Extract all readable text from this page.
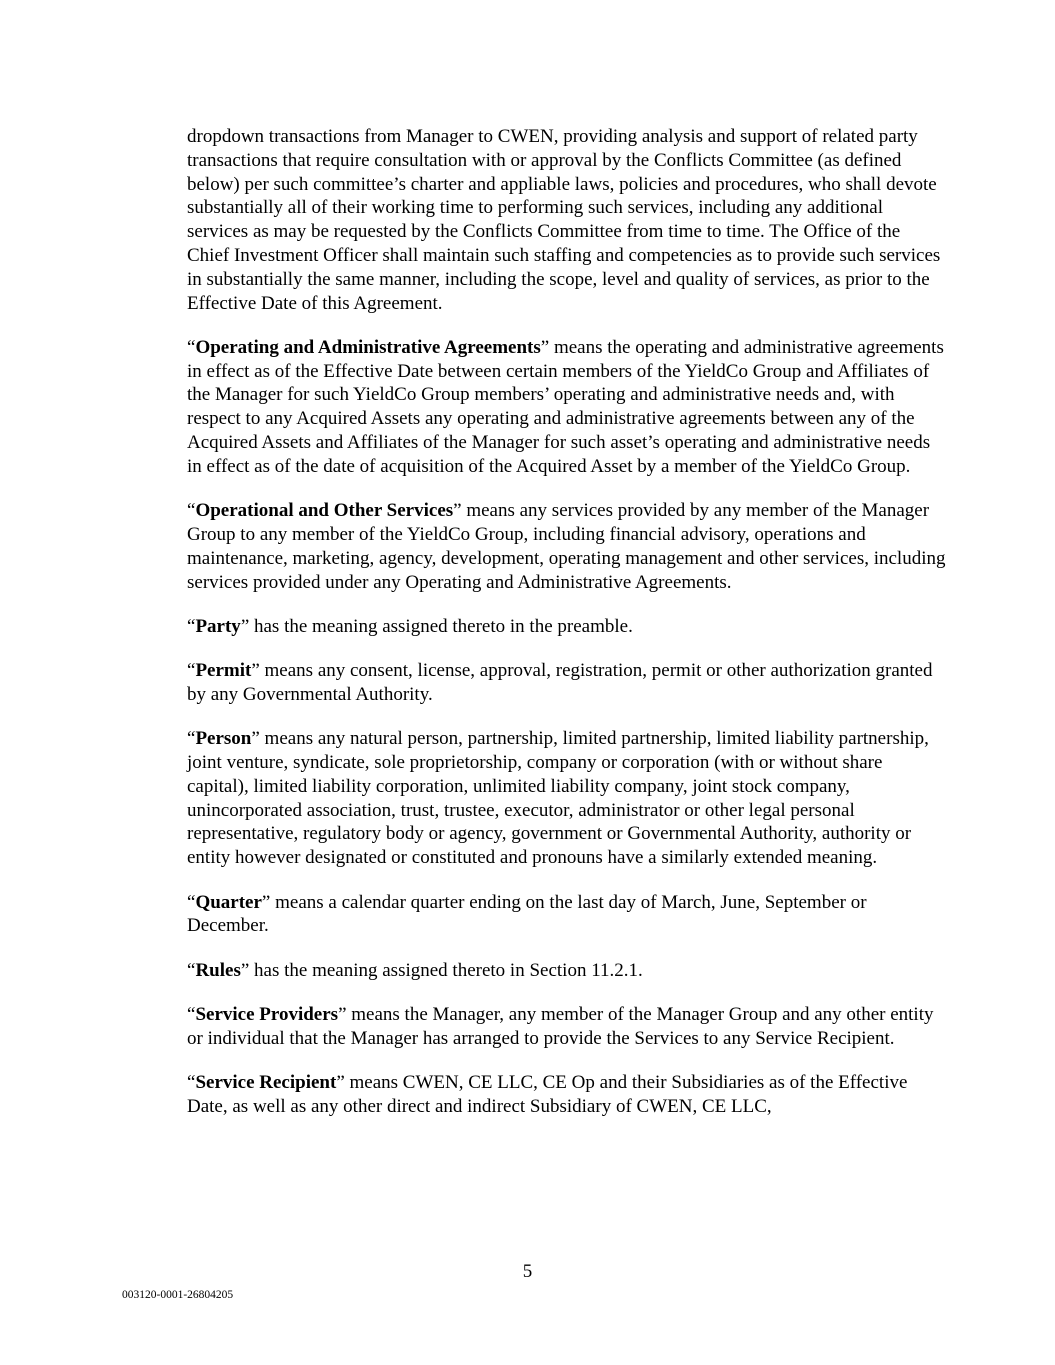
dropdown transactions from Manager to CWEN, providing analysis and support of related party transactions that require consultation with or approval by the Conflicts Committee (as defined below) per such committee’s charter and appliable laws, policies and procedures, who shall devote substantially all of their working time to performing such services, including any additional services as may be requested by the Conflicts Committee from time to time. The Office of the Chief Investment Officer shall maintain such staffing and competencies as to provide such services in substantially the same manner, including the scope, level and quality of services, as prior to the Effective Date of this Agreement.

“Operating and Administrative Agreements” means the operating and administrative agreements in effect as of the Effective Date between certain members of the YieldCo Group and Affiliates of the Manager for such YieldCo Group members’ operating and administrative needs and, with respect to any Acquired Assets any operating and administrative agreements between any of the Acquired Assets and Affiliates of the Manager for such asset’s operating and administrative needs in effect as of the date of acquisition of the Acquired Asset by a member of the YieldCo Group.

“Operational and Other Services” means any services provided by any member of the Manager Group to any member of the YieldCo Group, including financial advisory, operations and maintenance, marketing, agency, development, operating management and other services, including services provided under any Operating and Administrative Agreements.

“Party” has the meaning assigned thereto in the preamble.

“Permit” means any consent, license, approval, registration, permit or other authorization granted by any Governmental Authority.

“Person” means any natural person, partnership, limited partnership, limited liability partnership, joint venture, syndicate, sole proprietorship, company or corporation (with or without share capital), limited liability corporation, unlimited liability company, joint stock company, unincorporated association, trust, trustee, executor, administrator or other legal personal representative, regulatory body or agency, government or Governmental Authority, authority or entity however designated or constituted and pronouns have a similarly extended meaning.

“Quarter” means a calendar quarter ending on the last day of March, June, September or December.

“Rules” has the meaning assigned thereto in Section 11.2.1.

“Service Providers” means the Manager, any member of the Manager Group and any other entity or individual that the Manager has arranged to provide the Services to any Service Recipient.

“Service Recipient” means CWEN, CE LLC, CE Op and their Subsidiaries as of the Effective Date, as well as any other direct and indirect Subsidiary of CWEN, CE LLC,

5
003120-0001-26804205
